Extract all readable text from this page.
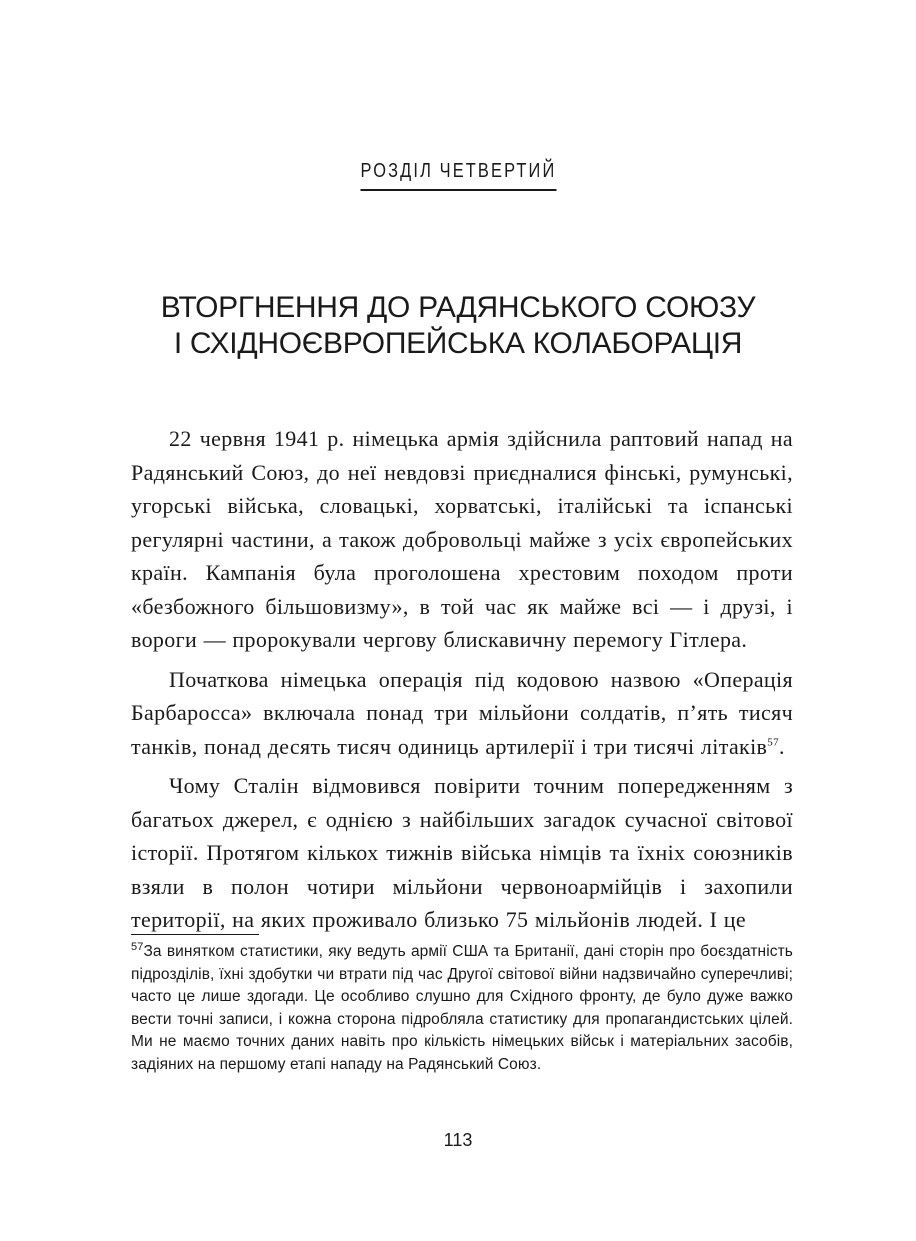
РОЗДІЛ ЧЕТВЕРТИЙ
ВТОРГНЕННЯ ДО РАДЯНСЬКОГО СОЮЗУ
І СХІДНОЄВРОПЕЙСЬКА КОЛАБОРАЦІЯ

22 червня 1941 р. німецька армія здійснила раптовий напад на Радянський Союз, до неї невдовзі приєдналися фінські, румунські, угорські війська, словацькі, хорватські, італійські та іспанські регулярні частини, а також добровольці майже з усіх європейських країн. Кампанія була проголошена хрестовим походом проти «безбожного більшовизму», в той час як майже всі — і друзі, і вороги — пророкували чергову блискавичну перемогу Гітлера.

Початкова німецька операція під кодовою назвою «Операція Барбаросса» включала понад три мільйони солдатів, п’ять тисяч танків, понад десять тисяч одиниць артилерії і три тисячі літаків$^{57}$.

Чому Сталін відмовився повірити точним попередженням з багатьох джерел, є однією з найбільших загадок сучасної світової історії. Протягом кількох тижнів війська німців та їхніх союзників взяли в полон чотири мільйони червоноармійців і захопили території, на яких проживало близько 75 мільйонів людей. І це

$^{57}$За винятком статистики, яку ведуть армії США та Британії, дані сторін про боєздатність підрозділів, їхні здобутки чи втрати під час Другої світової війни надзвичайно суперечливі; часто це лише здогади. Це особливо слушно для Східного фронту, де було дуже важко вести точні записи, і кожна сторона підробляла статистику для пропагандистських цілей. Ми не маємо точних даних навіть про кількість німецьких військ і матеріальних засобів, задіяних на першому етапі нападу на Радянський Союз.

113
